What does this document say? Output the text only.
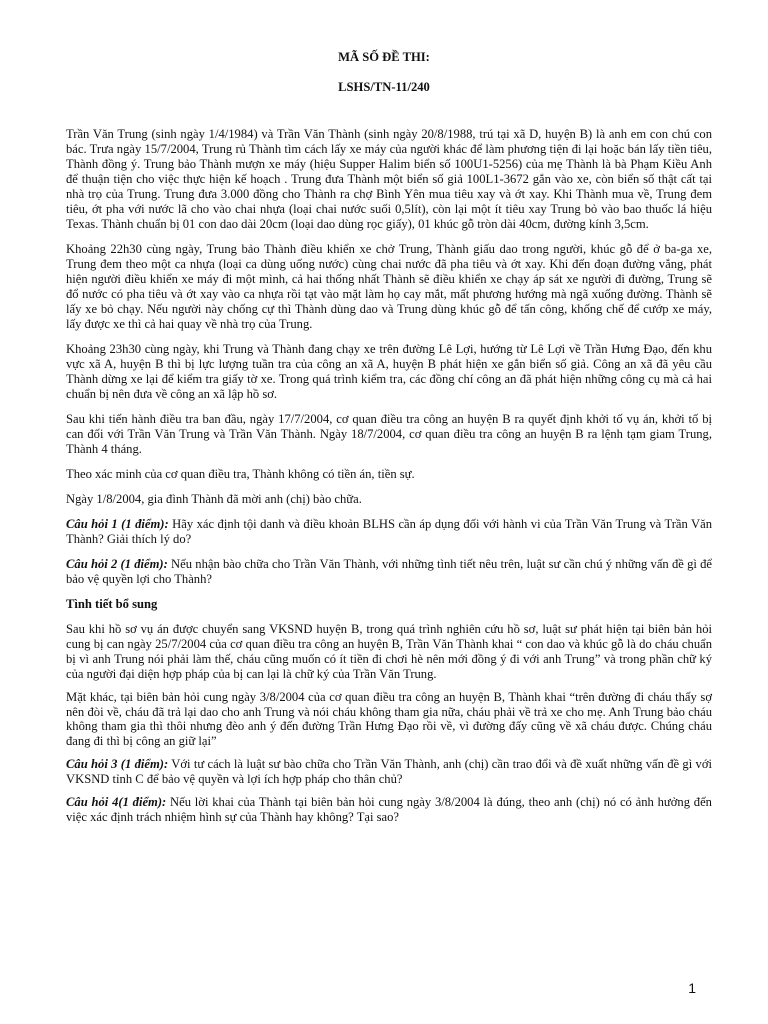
MÃ SỐ ĐỀ THI:
LSHS/TN-11/240

Trần Văn Trung (sinh ngày 1/4/1984) và Trần Văn Thành (sinh ngày 20/8/1988, trú tại xã D, huyện B) là anh em con chú con bác. Trưa ngày 15/7/2004, Trung rủ Thành tìm cách lấy xe máy của người khác để làm phương tiện đi lại hoặc bán lấy tiền tiêu, Thành đồng ý. Trung bảo Thành mượn xe máy (hiệu Supper Halim biển số 100U1-5256) của mẹ Thành là bà Phạm Kiều Anh để thuận tiện cho việc thực hiện kế hoạch . Trung đưa Thành một biển số giả 100L1-3672 gắn vào xe, còn biển số thật cất tại nhà trọ của Trung. Trung đưa 3.000 đồng cho Thành ra chợ Bình Yên mua tiêu xay và ớt xay. Khi Thành mua về, Trung đem tiêu, ớt pha với nước lã cho vào chai nhựa (loại chai nước suối 0,5lít), còn lại một ít tiêu xay Trung bỏ vào bao thuốc lá hiệu Texas. Thành chuẩn bị 01 con dao dài 20cm (loại dao dùng rọc giấy), 01 khúc gỗ tròn dài 40cm, đường kính 3,5cm.

Khoảng 22h30 cùng ngày, Trung bảo Thành điều khiển xe chở Trung, Thành giấu dao trong người, khúc gỗ để ở ba-ga xe, Trung đem theo một ca nhựa (loại ca dùng uống nước) cùng chai nước đã pha tiêu và ớt xay. Khi đến đoạn đường vắng, phát hiện người điều khiển xe máy đi một mình, cả hai thống nhất Thành sẽ điều khiển xe chạy áp sát xe người đi đường, Trung sẽ đổ nước có pha tiêu và ớt xay vào ca nhựa rồi tạt vào mặt làm họ cay mắt, mất phương hướng mà ngã xuống đường. Thành sẽ lấy xe bỏ chạy. Nếu người này chống cự thì Thành dùng dao và Trung dùng khúc gỗ để tấn công, khống chế để cướp xe máy, lấy được xe thì cả hai quay về nhà trọ của Trung.

Khoảng 23h30 cùng ngày, khi Trung và Thành đang chạy xe trên đường Lê Lợi, hướng từ Lê Lợi về Trần Hưng Đạo, đến khu vực xã A, huyện B thì bị lực lượng tuần tra của công an xã A, huyện B phát hiện xe gắn biển số giả. Công an xã đã yêu cầu Thành dừng xe lại để kiểm tra giấy tờ xe. Trong quá trình kiểm tra, các đồng chí công an đã phát hiện những công cụ mà cả hai chuẩn bị nên đưa về công an xã lập hồ sơ.

Sau khi tiến hành điều tra ban đầu, ngày 17/7/2004, cơ quan điều tra công an huyện B ra quyết định khởi tố vụ án, khởi tố bị can đối với Trần Văn Trung và Trần Văn Thành. Ngày 18/7/2004, cơ quan điều tra công an huyện B ra lệnh tạm giam Trung, Thành 4 tháng.

Theo xác minh của cơ quan điều tra, Thành không có tiền án, tiền sự.

Ngày 1/8/2004, gia đình Thành đã mời anh (chị) bào chữa.

Câu hỏi 1 (1 điểm): Hãy xác định tội danh và điều khoản BLHS cần áp dụng đối với hành vi của Trần Văn Trung và Trần Văn Thành? Giải thích lý do?

Câu hỏi 2 (1 điểm): Nếu nhận bào chữa cho Trần Văn Thành, với những tình tiết nêu trên, luật sư cần chú ý những vấn đề gì để bảo vệ quyền lợi cho Thành?

Tình tiết bổ sung

Sau khi hồ sơ vụ án được chuyển sang VKSND huyện B, trong quá trình nghiên cứu hồ sơ, luật sư phát hiện tại biên bản hỏi cung bị can ngày 25/7/2004 của cơ quan điều tra công an huyện B, Trần Văn Thành khai “ con dao và khúc gỗ là do cháu chuẩn bị vì anh Trung nói phải làm thế, cháu cũng muốn có ít tiền đi chơi hè nên mới đồng ý đi với anh Trung” và trong phần chữ ký của người đại diện hợp pháp của bị can lại là chữ ký của Trần Văn Trung.

Mặt khác, tại biên bản hỏi cung ngày 3/8/2004 của cơ quan điều tra công an huyện B, Thành khai “trên đường đi cháu thấy sợ nên đòi về, cháu đã trả lại dao cho anh Trung và nói cháu không tham gia nữa, cháu phải về trả xe cho mẹ. Anh Trung bảo cháu không tham gia thì thôi nhưng đèo anh ý đến đường Trần Hưng Đạo rồi về, vì đường đấy cũng về xã cháu được. Chúng cháu đang đi thì bị công an giữ lại”

Câu hỏi 3 (1 điểm): Với tư cách là luật sư bào chữa cho Trần Văn Thành, anh (chị) cần trao đổi và đề xuất những vấn đề gì với VKSND tỉnh C để bảo vệ quyền và lợi ích hợp pháp cho thân chủ?

Câu hỏi 4(1 điểm): Nếu lời khai của Thành tại biên bản hỏi cung ngày 3/8/2004 là đúng, theo anh (chị) nó có ảnh hưởng đến việc xác định trách nhiệm hình sự của Thành hay không? Tại sao?

1
